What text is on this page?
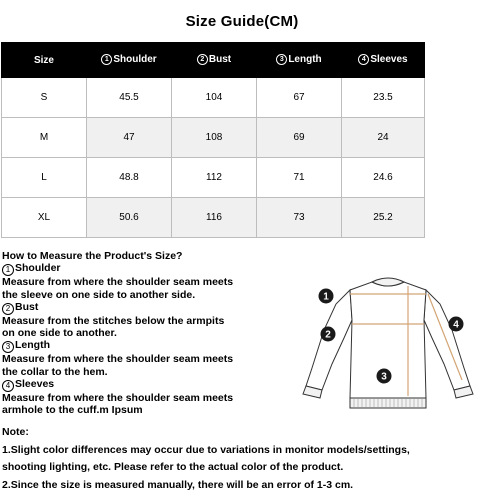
Size Guide(CM)
Size	1 Shoulder	2 Bust	3 Length	4 Sleeves
S	45.5	104	67	23.5
M	47	108	69	24
L	48.8	112	71	24.6
XL	50.6	116	73	25.2
How to Measure the Product's Size?
1 Shoulder
Measure from where the shoulder seam meets
the sleeve on one side to another side.
2 Bust
Measure from the stitches below the armpits
on one side to another.
3 Length
Measure from where the shoulder seam meets
the collar to the hem.
4 Sleeves
Measure from where the shoulder seam meets
armhole to the cuff.m Ipsum
1
2
3
4
Note:
1.Slight color differences may occur due to variations in monitor models/settings,
shooting lighting, etc. Please refer to the actual color of the product.
2.Since the size is measured manually, there will be an error of 1-3 cm.
